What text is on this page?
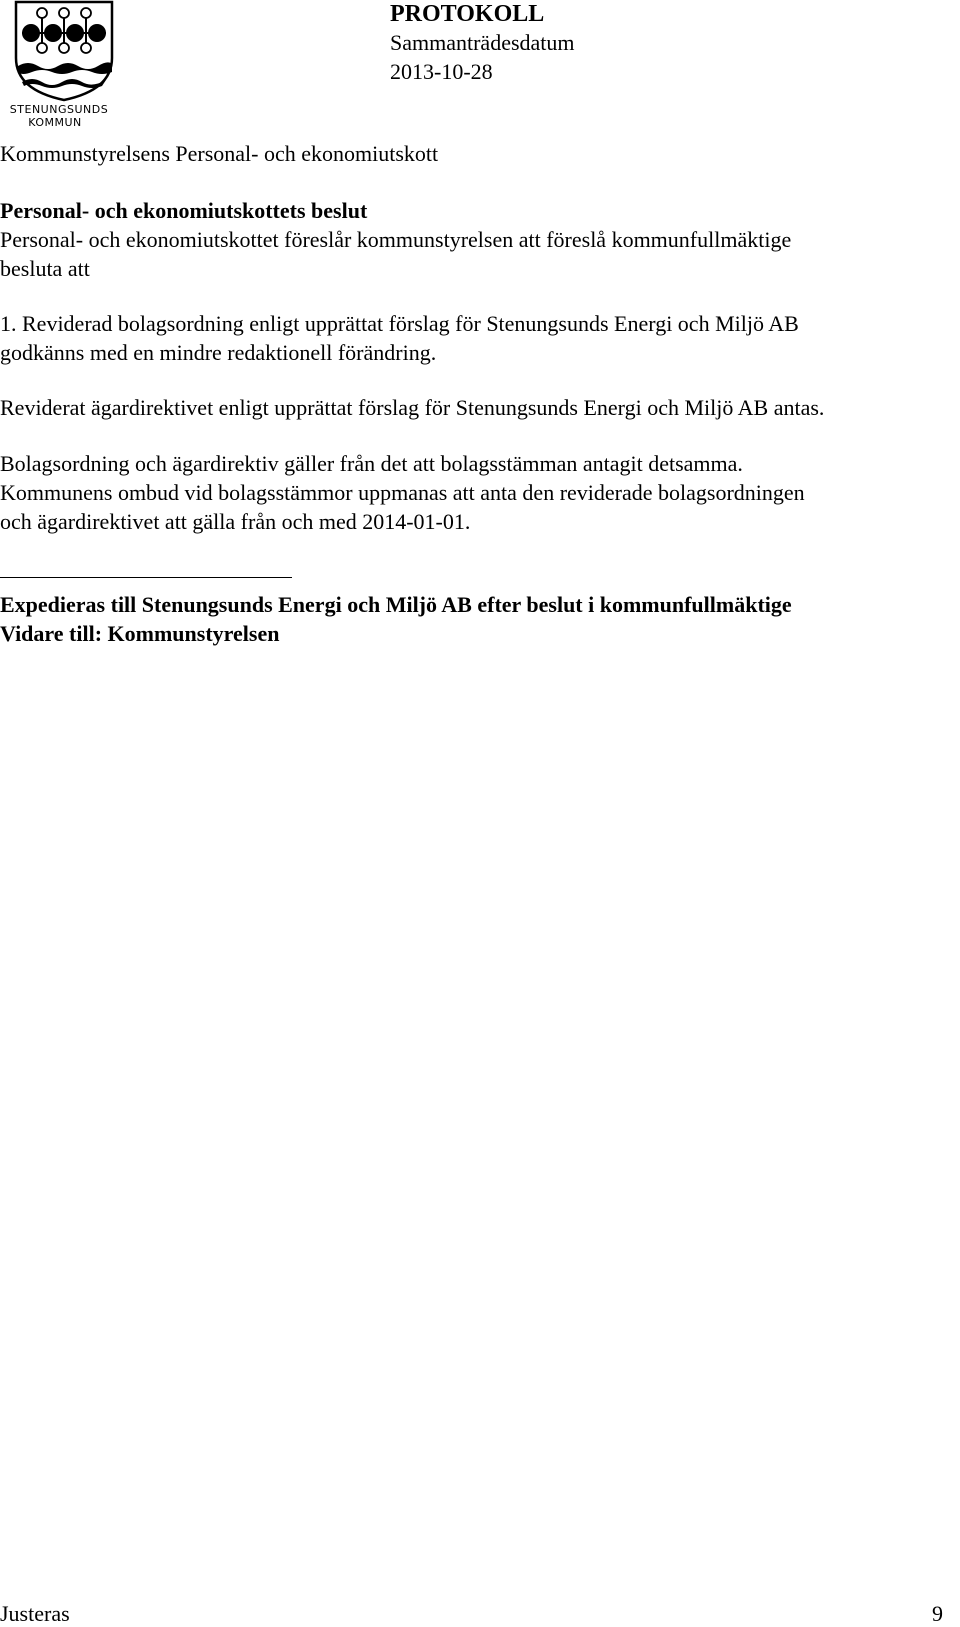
STENUNGSUNDS
KOMMUN
PROTOKOLL
Sammanträdesdatum
2013-10-28
Kommunstyrelsens Personal- och ekonomiutskott
Personal- och ekonomiutskottets beslut
Personal- och ekonomiutskottet föreslår kommunstyrelsen att föreslå kommunfullmäktige
besluta att
1. Reviderad bolagsordning enligt upprättat förslag för Stenungsunds Energi och Miljö AB
godkänns med en mindre redaktionell förändring.
Reviderat ägardirektivet enligt upprättat förslag för Stenungsunds Energi och Miljö AB antas.
Bolagsordning och ägardirektiv gäller från det att bolagsstämman antagit detsamma.
Kommunens ombud vid bolagsstämmor uppmanas att anta den reviderade bolagsordningen
och ägardirektivet att gälla från och med 2014-01-01.
Expedieras till Stenungsunds Energi och Miljö AB efter beslut i kommunfullmäktige
Vidare till: Kommunstyrelsen
Justeras	9
